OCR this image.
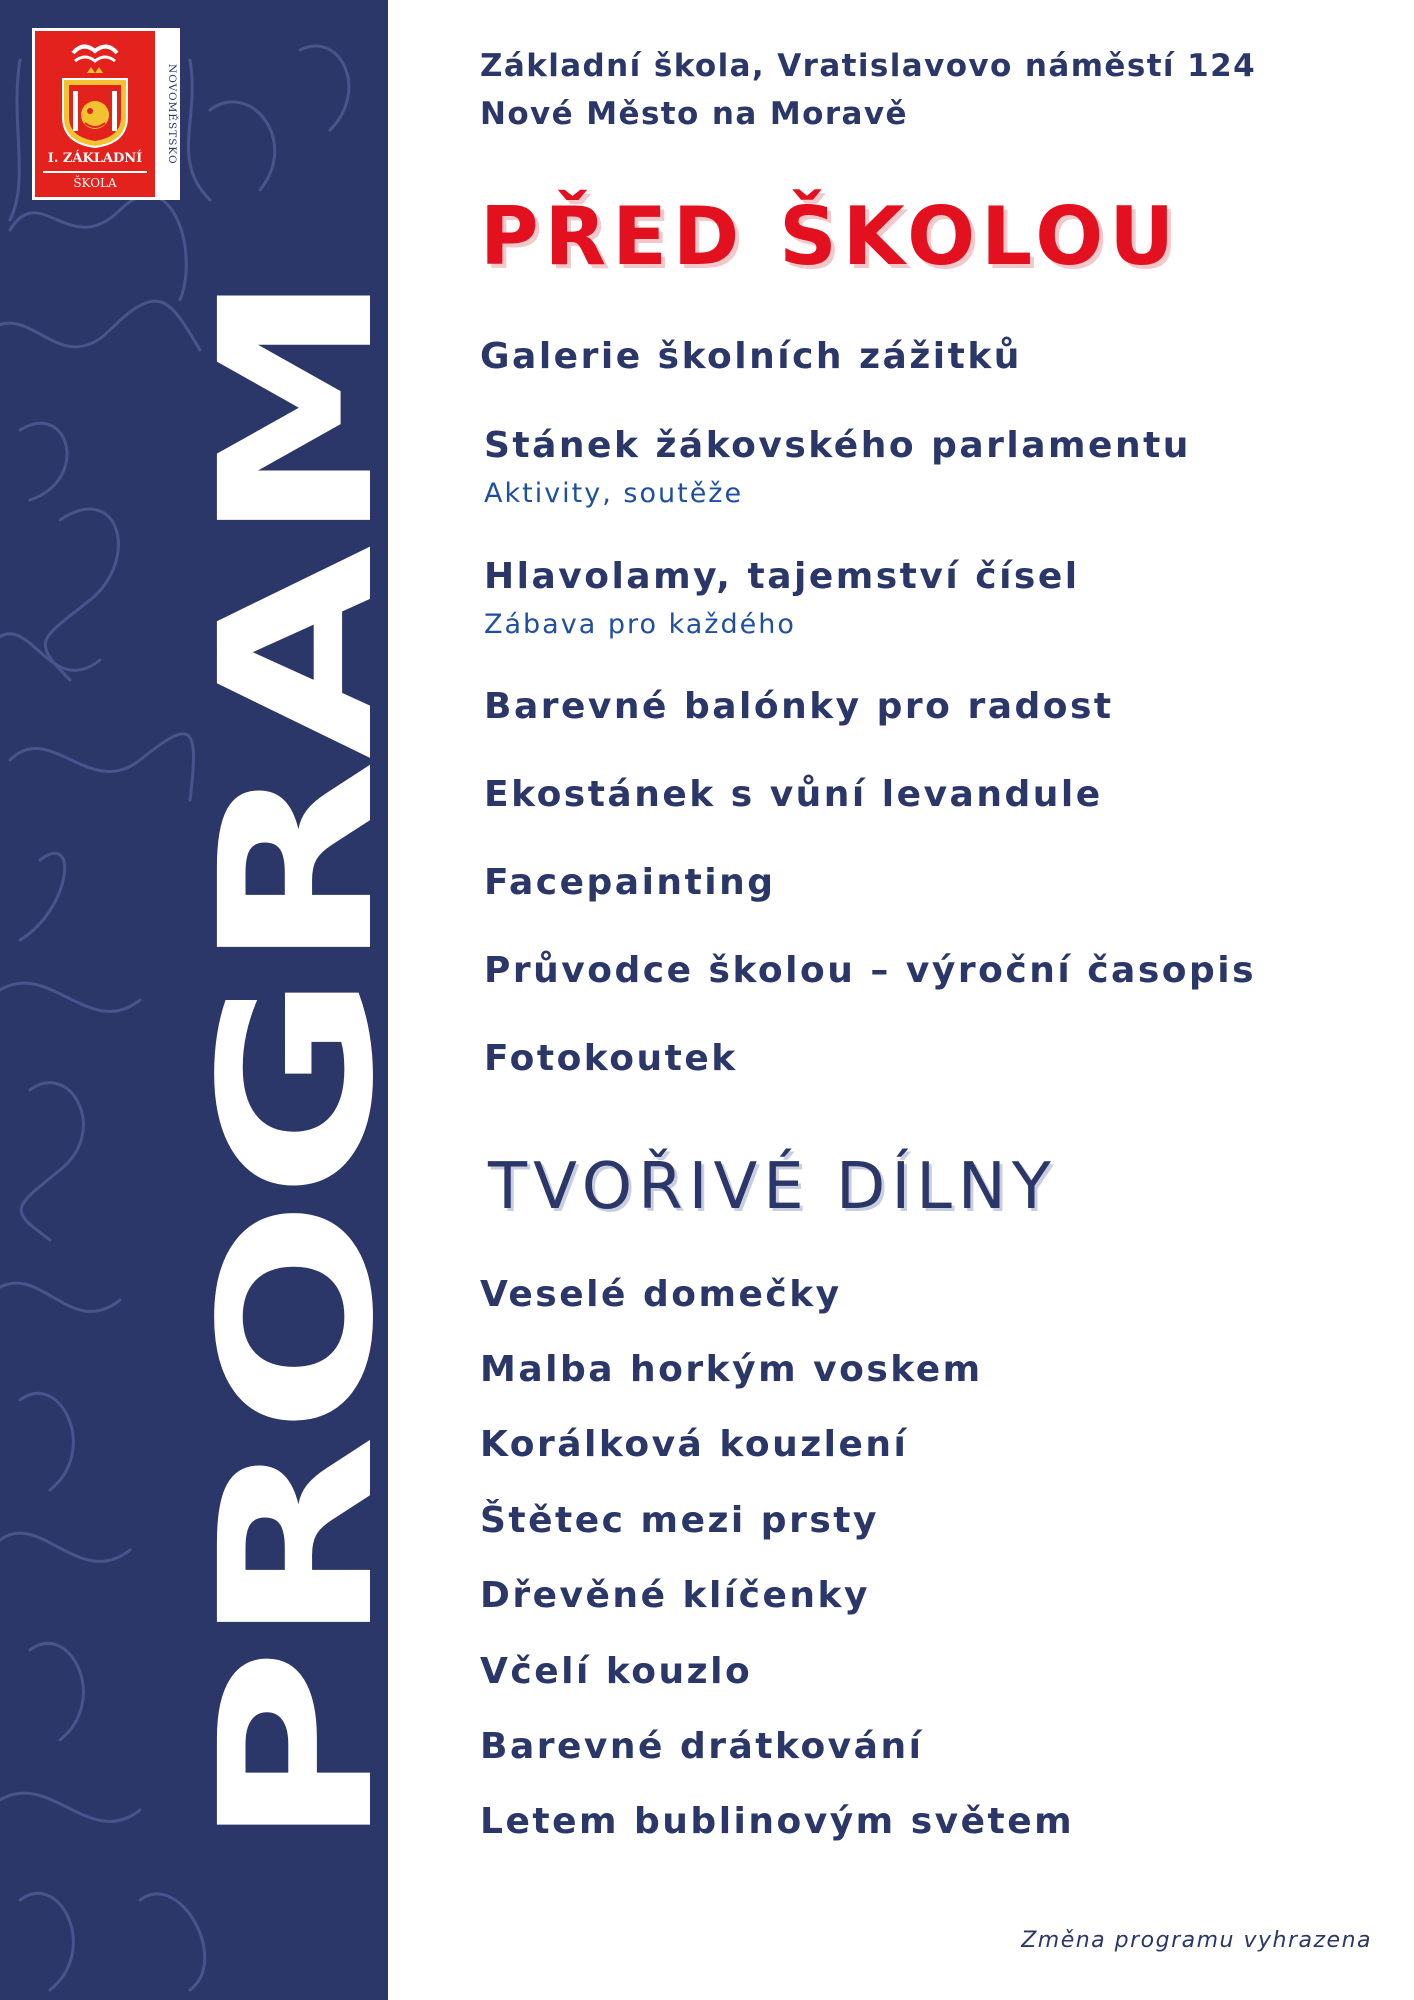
PROGRAM
I. ZÁKLADNÍ
ŠKOLA
NOVOMĚSTSKO	Základní škola, Vratislavovo náměstí 124
Nové Město na Moravě
PŘED ŠKOLOU
Galerie školních zážitků
Stánek žákovského parlamentu
Aktivity, soutěže
Hlavolamy, tajemství čísel
Zábava pro každého
Barevné balónky pro radost
Ekostánek s vůní levandule
Facepainting
Průvodce školou – výroční časopis
Fotokoutek
TVOŘIVÉ DÍLNY
Veselé domečky
Malba horkým voskem
Korálková kouzlení
Štětec mezi prsty
Dřevěné klíčenky
Včelí kouzlo
Barevné drátkování
Letem bublinovým světem
Změna programu vyhrazena
